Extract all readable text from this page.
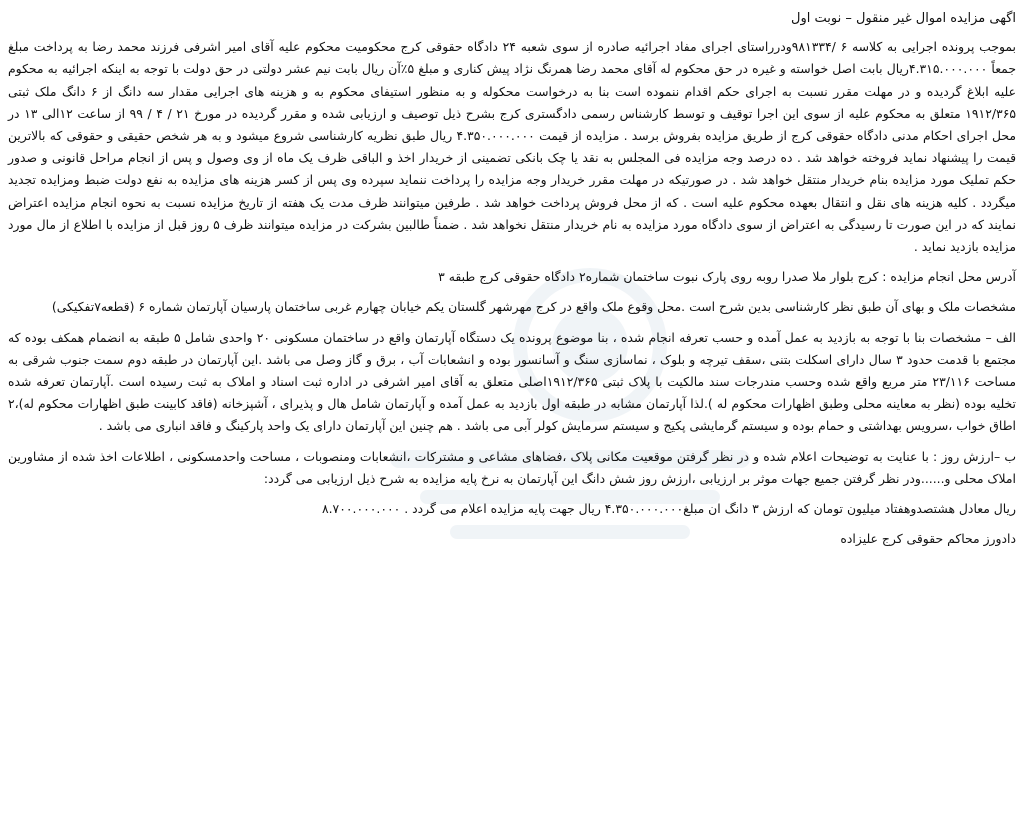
اگهی مزایده اموال غیر منقول – نوبت اول

بموجب پرونده اجرایی به کلاسه ۶ /۹۸۱۳۳۴ودرراستای اجرای مفاد اجرائیه صادره از سوی شعبه ۲۴ دادگاه حقوقی کرج محکومیت محکوم علیه آقای امیر اشرفی فرزند محمد رضا به پرداخت مبلغ جمعاً ۴.۳۱۵.۰۰۰.۰۰۰ریال بابت اصل خواسته و غیره در حق محکوم له آقای محمد رضا همرنگ نژاد پیش کناری و مبلغ ۵٪آن ریال بابت نیم عشر دولتی در حق دولت با توجه به اینکه اجرائیه به محکوم علیه ابلاغ گردیده و در مهلت مقرر نسبت به اجرای حکم اقدام ننموده است بنا به درخواست محکوله و به منظور استیفای محکوم به و هزینه های اجرایی مقدار سه دانگ از ۶ دانگ ملک ثبتی ۱۹۱۲/۳۶۵ متعلق به محکوم علیه از سوی این اجرا توقیف و توسط کارشناس رسمی دادگستری کرج بشرح ذیل توصیف و ارزیابی شده و مقرر گردیده در مورخ ۲۱ / ۴ / ۹۹ از ساعت ۱۲الی ۱۳ در محل اجرای احکام مدنی دادگاه حقوقی کرج از طریق مزایده بفروش برسد . مزایده از قیمت ۴.۳۵۰.۰۰۰.۰۰۰ ریال طبق نظریه کارشناسی شروع میشود و به هر شخص حقیقی و حقوقی که بالاترین قیمت را پیشنهاد نماید فروخته خواهد شد . ده درصد وجه مزایده فی المجلس به نقد یا چک بانکی تضمینی از خریدار اخذ و الباقی ظرف یک ماه از وی وصول و پس از انجام مراحل قانونی و صدور حکم تملیک مورد مزایده بنام خریدار منتقل خواهد شد . در صورتیکه در مهلت مقرر خریدار وجه مزایده را پرداخت ننماید سپرده وی پس از کسر هزینه های مزایده به نفع دولت ضبط ومزایده تجدید میگردد . کلیه هزینه های نقل و انتقال بعهده محکوم علیه است . که از محل فروش پرداخت خواهد شد . طرفین میتوانند ظرف مدت یک هفته از تاریخ مزایده نسبت به نحوه انجام مزایده اعتراض نمایند که در این صورت تا رسیدگی به اعتراض از سوی دادگاه مورد مزایده به نام خریدار منتقل نخواهد شد . ضمناً طالبین بشرکت در مزایده میتوانند ظرف ۵ روز قبل از مزایده با اطلاع از مال مورد مزایده بازدید نماید .

آدرس محل انجام مزایده : کرج بلوار ملا صدرا روبه روی پارک نبوت ساختمان شماره۲ دادگاه حقوقی کرج طبقه ۳

مشخصات ملک و بهای آن طبق نظر کارشناسی بدین شرح است .محل وقوع ملک واقع در کرج مهرشهر گلستان یکم خیابان چهارم غربی ساختمان پارسیان آپارتمان شماره ۶ (قطعه۷تفکیکی)

الف – مشخصات بنا با توجه به بازدید به عمل آمده و حسب تعرفه انجام شده ، بنا موضوع پرونده یک دستگاه آپارتمان واقع در ساختمان مسکونی ۲۰ واحدی شامل ۵ طبقه به انضمام همکف بوده که مجتمع با قدمت حدود ۳ سال دارای اسکلت بتنی ،سقف تیرچه و بلوک ، نماسازی سنگ و آسانسور بوده و انشعابات آب ، برق و گاز وصل می باشد .این آپارتمان در طبقه دوم سمت جنوب شرقی به مساحت ۲۳/۱۱۶ متر مربع واقع شده وحسب مندرجات سند مالکیت با پلاک ثبتی ۱۹۱۲/۳۶۵اصلی متعلق به آقای امیر اشرفی در اداره ثبت اسناد و املاک به ثبت رسیده است .آپارتمان تعرفه شده تخلیه بوده (نظر به معاینه محلی وطبق اظهارات محکوم له ).لذا آپارتمان مشابه در طبقه اول بازدید به عمل آمده و آپارتمان شامل هال و پذیرای ، آشپزخانه (فاقد کابینت طبق اظهارات محکوم له)،۲ اطاق خواب ،سرویس بهداشتی و حمام بوده و سیستم گرمایشی پکیج و سیستم سرمایش کولر آبی می باشد . هم چنین این آپارتمان دارای یک واحد پارکینگ و فاقد انباری می باشد .

ب –ارزش روز : با عنایت به توضیحات اعلام شده و در نظر گرفتن موقعیت مکانی پلاک ،فضاهای مشاعی و مشترکات ،انشعابات ومنصوبات ، مساحت واحدمسکونی ، اطلاعات اخذ شده از مشاورین املاک محلی و......ودر نظر گرفتن جمیع جهات موثر بر ارزیابی ،ارزش روز شش دانگ این آپارتمان به نرخ پایه مزایده به شرح ذیل ارزیابی می گردد:

ریال معادل هشتصدوهفتاد میلیون تومان که ارزش ۳ دانگ ان مبلغ۴.۳۵۰.۰۰۰.۰۰۰ ریال جهت پایه مزایده اعلام می گردد . ۸.۷۰۰.۰۰۰.۰۰۰

دادورز محاکم حقوقی کرج علیزاده
